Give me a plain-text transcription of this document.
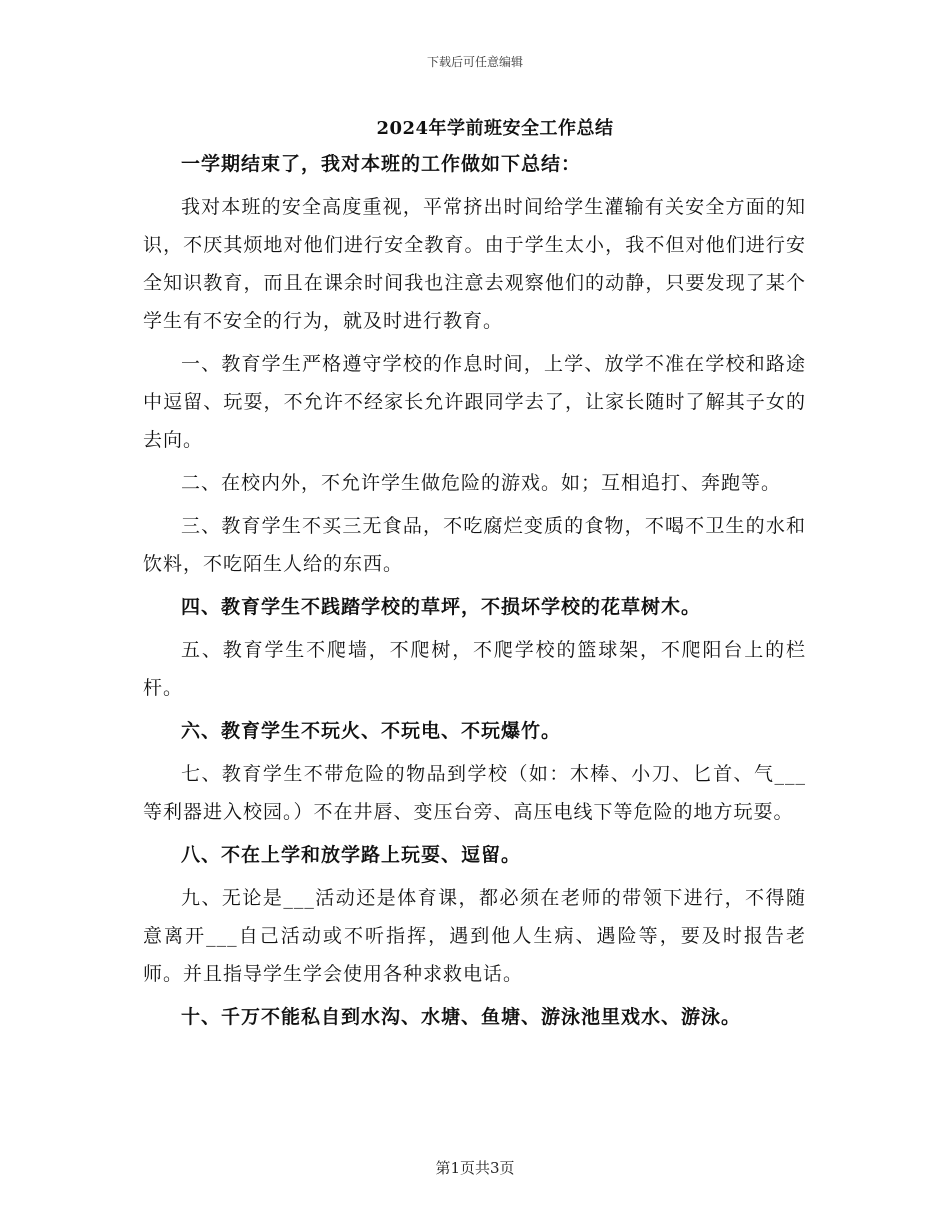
下载后可任意编辑
2024年学前班安全工作总结

一学期结束了，我对本班的工作做如下总结：

我对本班的安全高度重视，平常挤出时间给学生灌输有关安全方面的知识，不厌其烦地对他们进行安全教育。由于学生太小，我不但对他们进行安全知识教育，而且在课余时间我也注意去观察他们的动静，只要发现了某个学生有不安全的行为，就及时进行教育。

一、教育学生严格遵守学校的作息时间，上学、放学不准在学校和路途中逗留、玩耍，不允许不经家长允许跟同学去了，让家长随时了解其子女的去向。

二、在校内外，不允许学生做危险的游戏。如；互相追打、奔跑等。

三、教育学生不买三无食品，不吃腐烂变质的食物，不喝不卫生的水和饮料，不吃陌生人给的东西。

四、教育学生不践踏学校的草坪，不损坏学校的花草树木。

五、教育学生不爬墙，不爬树，不爬学校的篮球架，不爬阳台上的栏杆。

六、教育学生不玩火、不玩电、不玩爆竹。

七、教育学生不带危险的物品到学校（如：木棒、小刀、匕首、气___等利器进入校园。）不在井唇、变压台旁、高压电线下等危险的地方玩耍。

八、不在上学和放学路上玩耍、逗留。

九、无论是___活动还是体育课，都必须在老师的带领下进行，不得随意离开___自己活动或不听指挥，遇到他人生病、遇险等，要及时报告老师。并且指导学生学会使用各种求救电话。

十、千万不能私自到水沟、水塘、鱼塘、游泳池里戏水、游泳。

第1页共3页
